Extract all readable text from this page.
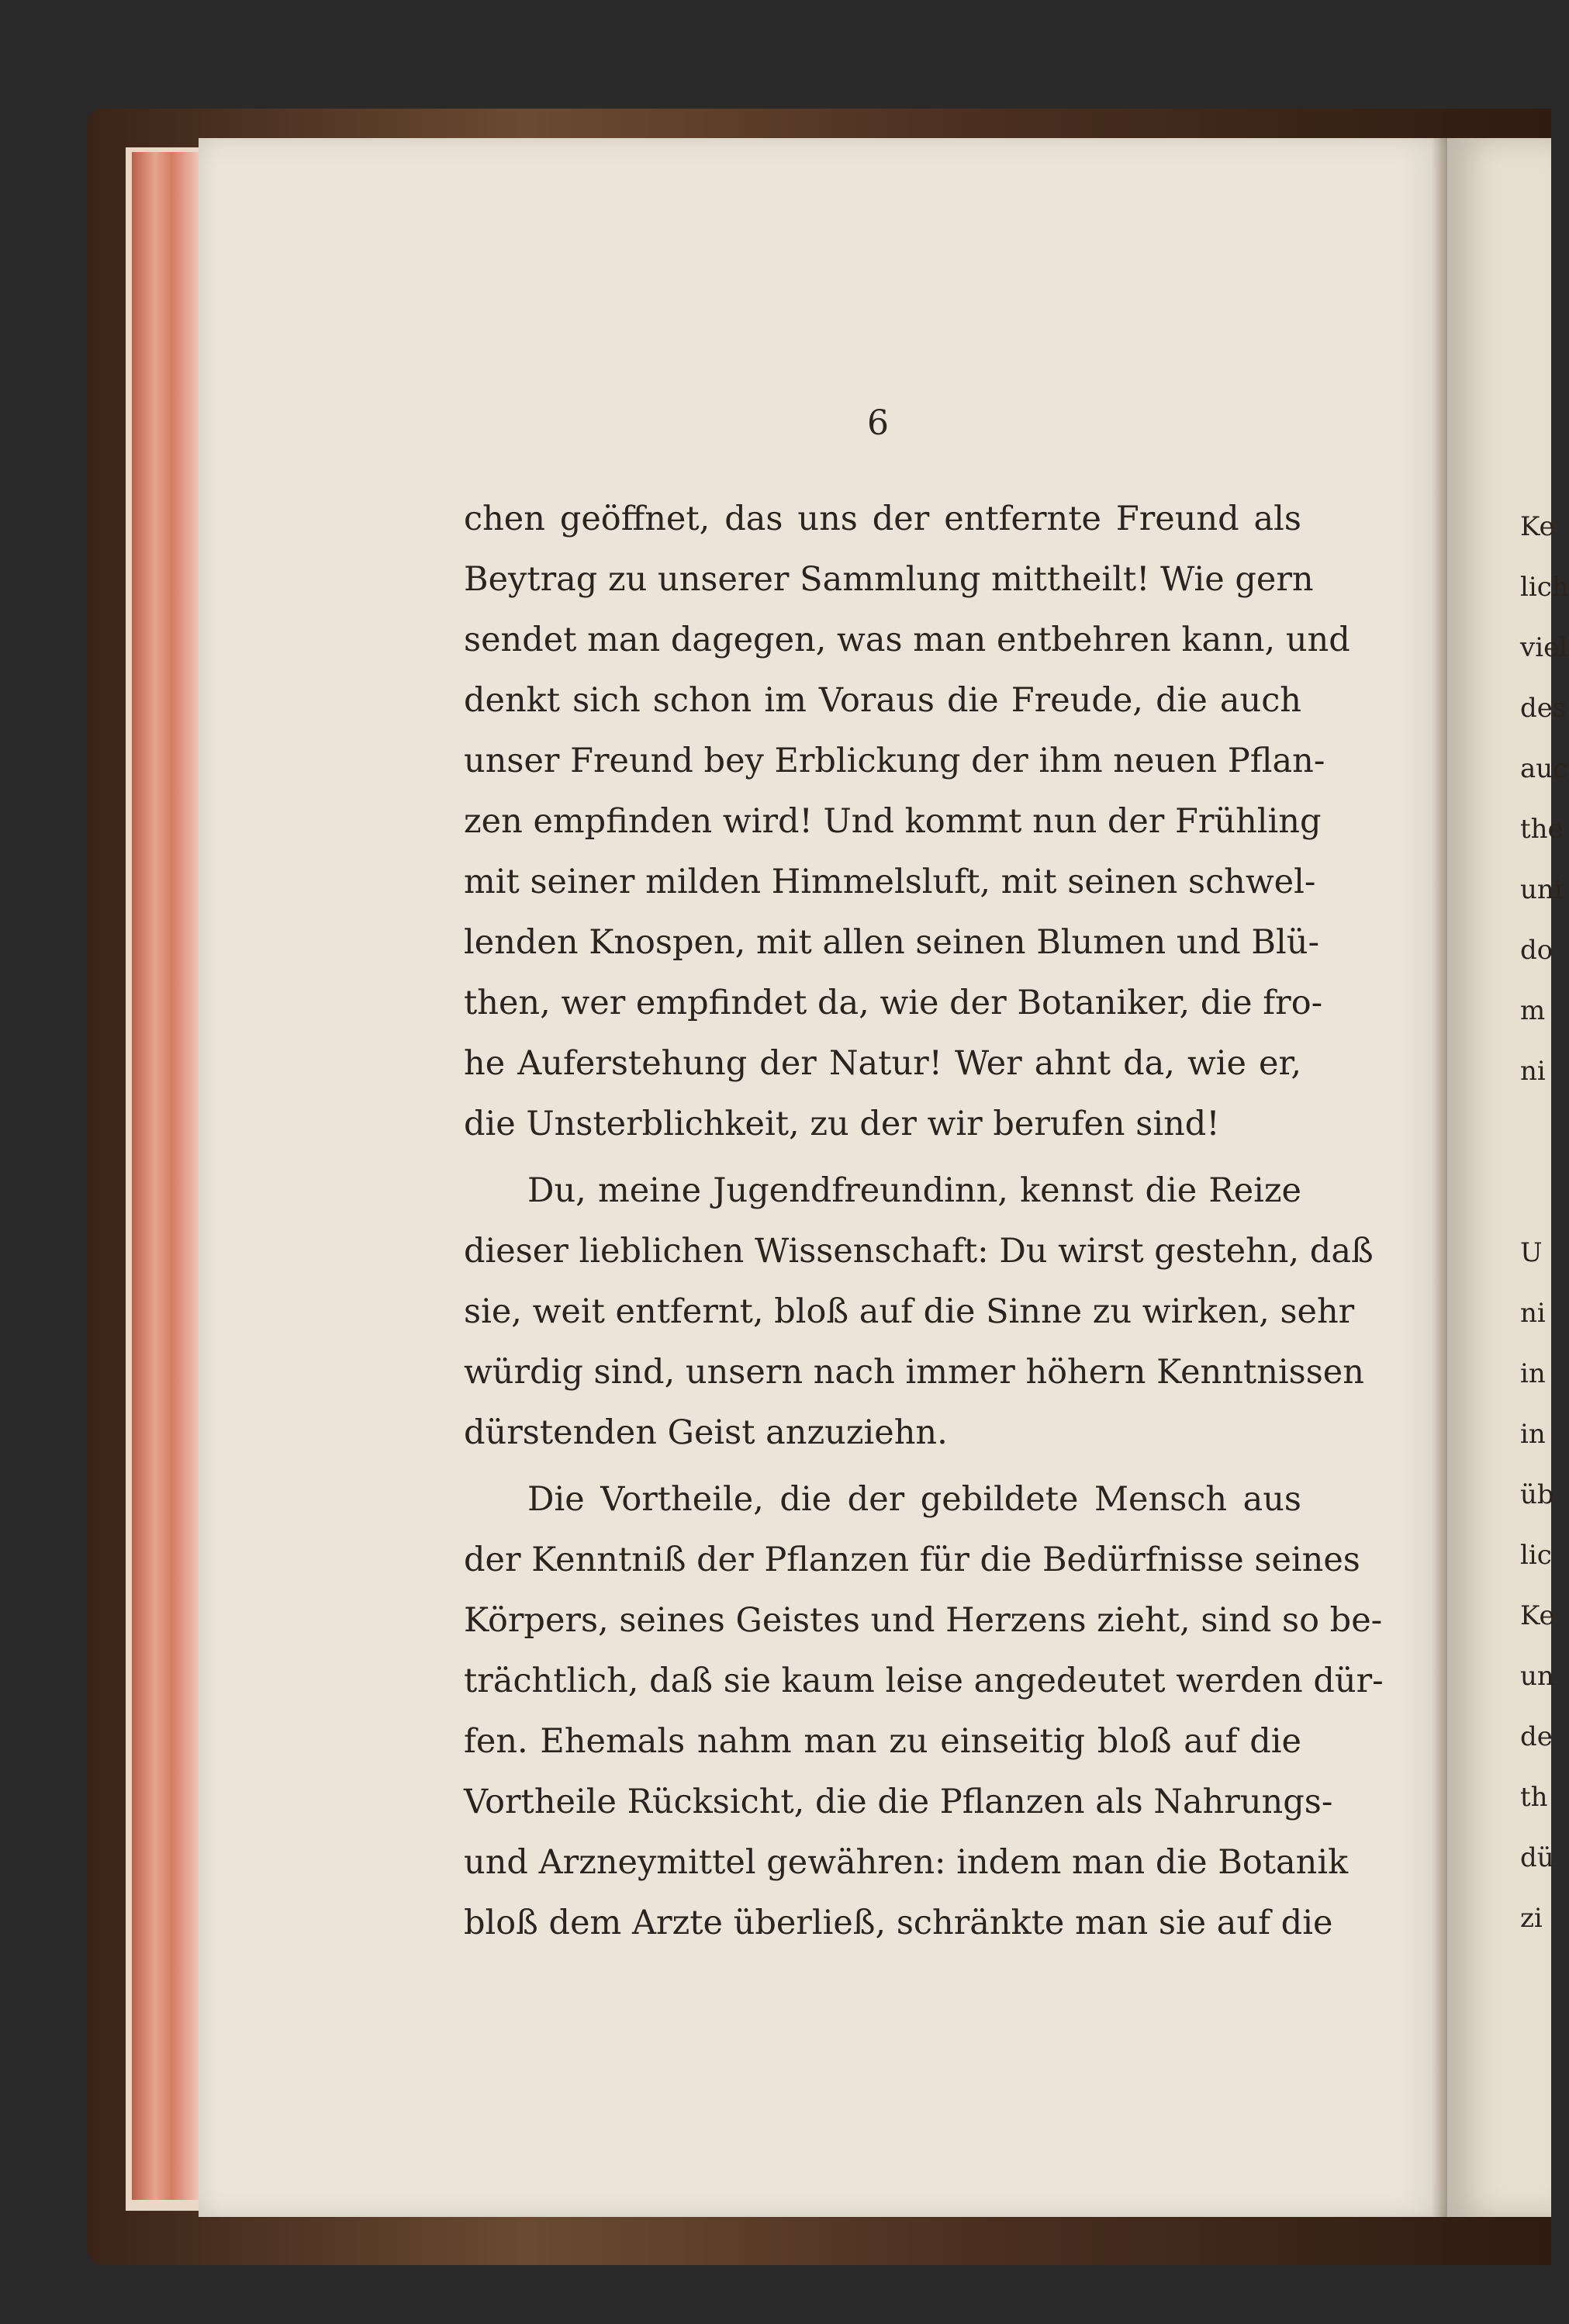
6
chen geöffnet, das uns der entfernte Freund als
Beytrag zu unserer Sammlung mittheilt! Wie gern
sendet man dagegen, was man entbehren kann, und
denkt sich schon im Voraus die Freude, die auch
unser Freund bey Erblickung der ihm neuen Pflan-
zen empfinden wird! Und kommt nun der Frühling
mit seiner milden Himmelsluft, mit seinen schwel-
lenden Knospen, mit allen seinen Blumen und Blü-
then, wer empfindet da, wie der Botaniker, die fro-
he Auferstehung der Natur! Wer ahnt da, wie er,
die Unsterblichkeit, zu der wir berufen sind!
Du, meine Jugendfreundinn, kennst die Reize
dieser lieblichen Wissenschaft: Du wirst gestehn, daß
sie, weit entfernt, bloß auf die Sinne zu wirken, sehr
würdig sind, unsern nach immer höhern Kenntnissen
dürstenden Geist anzuziehn.
Die Vortheile, die der gebildete Mensch aus
der Kenntniß der Pflanzen für die Bedürfnisse seines
Körpers, seines Geistes und Herzens zieht, sind so be-
trächtlich, daß sie kaum leise angedeutet werden dür-
fen. Ehemals nahm man zu einseitig bloß auf die
Vortheile Rücksicht, die die Pflanzen als Nahrungs-
und Arzneymittel gewähren: indem man die Botanik
bloß dem Arzte überließ, schränkte man sie auf die
Ke
lich
viel
des
auc
the
uni
do
m
ni
U
ni
in
in
üb
lic
Ke
un
de
th
dü
zi
